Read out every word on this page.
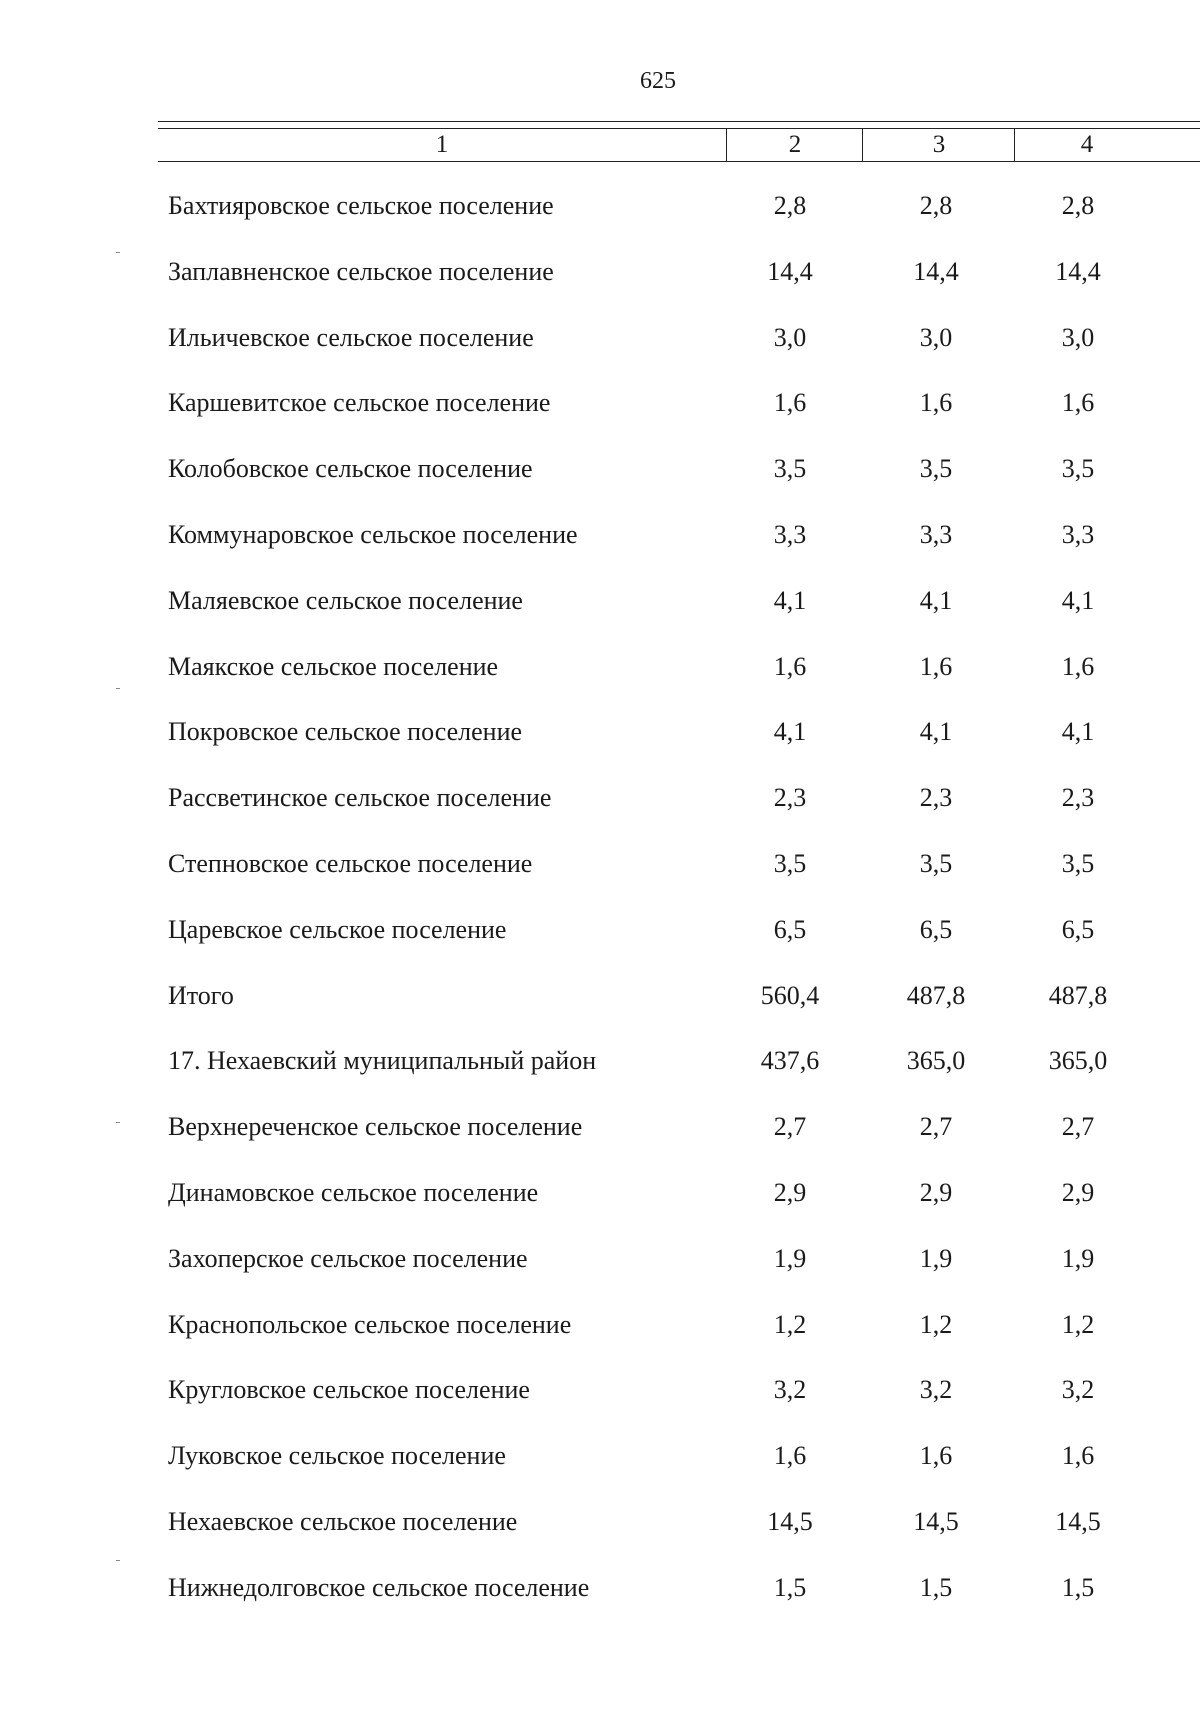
625
1	2	3	4
Бахтияровское сельское поселение	2,8	2,8	2,8
Заплавненское сельское поселение	14,4	14,4	14,4
Ильичевское сельское поселение	3,0	3,0	3,0
Каршевитское сельское поселение	1,6	1,6	1,6
Колобовское сельское поселение	3,5	3,5	3,5
Коммунаровское сельское поселение	3,3	3,3	3,3
Маляевское сельское поселение	4,1	4,1	4,1
Маякское сельское поселение	1,6	1,6	1,6
Покровское сельское поселение	4,1	4,1	4,1
Рассветинское сельское поселение	2,3	2,3	2,3
Степновское сельское поселение	3,5	3,5	3,5
Царевское сельское поселение	6,5	6,5	6,5
Итого	560,4	487,8	487,8
17. Нехаевский муниципальный район	437,6	365,0	365,0
Верхнереченское сельское поселение	2,7	2,7	2,7
Динамовское сельское поселение	2,9	2,9	2,9
Захоперское сельское поселение	1,9	1,9	1,9
Краснопольское сельское поселение	1,2	1,2	1,2
Кругловское сельское поселение	3,2	3,2	3,2
Луковское сельское поселение	1,6	1,6	1,6
Нехаевское сельское поселение	14,5	14,5	14,5
Нижнедолговское сельское поселение	1,5	1,5	1,5
